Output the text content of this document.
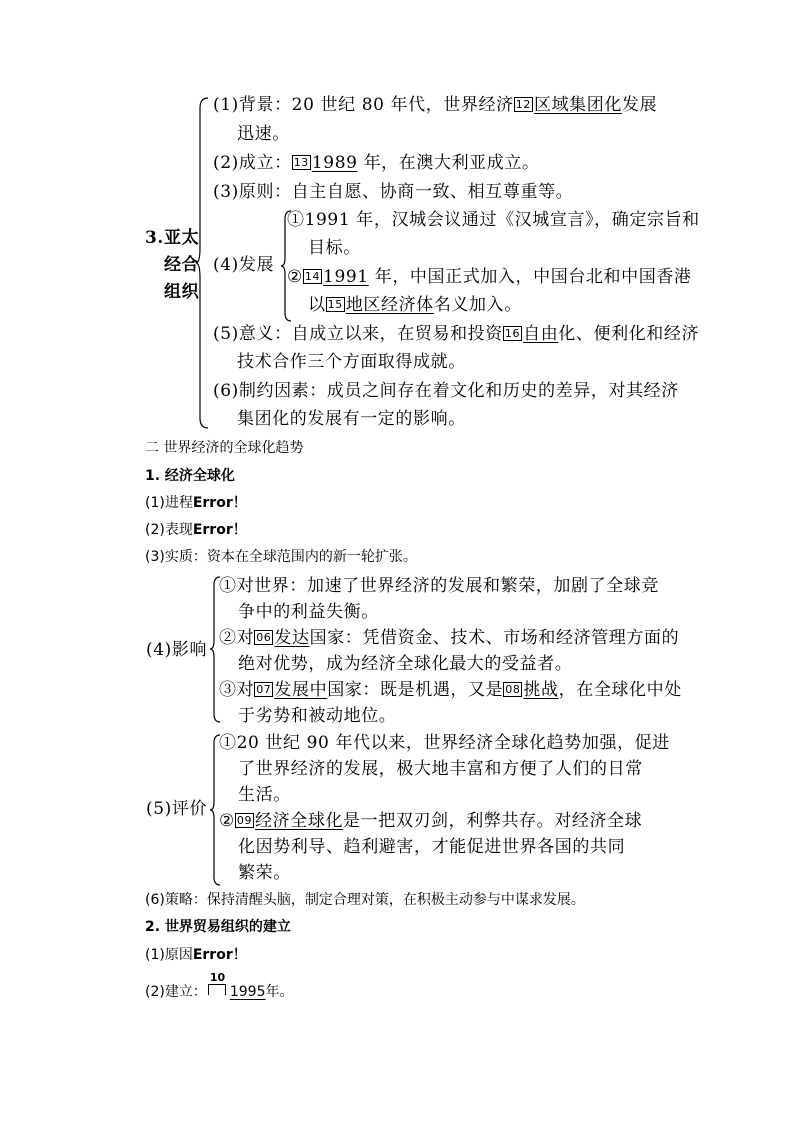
3. 亚太
经合
组织
(1)背景：20 世纪 80 年代，世界经济 12 区域集团化发展
迅速。
(2)成立： 13 1989 年，在澳大利亚成立。
(3)原则：自主自愿、协商一致、相互尊重等。
(4)发展
①1991 年，汉城会议通过《汉城宣言》，确定宗旨和
目标。
② 14 1991 年，中国正式加入，中国台北和中国香港
以 15 地区经济体名义加入。
(5)意义：自成立以来，在贸易和投资 16 自由化、便利化和经济
技术合作三个方面取得成就。
(6)制约因素：成员之间存在着文化和历史的差异，对其经济
集团化的发展有一定的影响。
二 世界经济的全球化趋势
1. 经济全球化
(1)进程Error！
(2)表现Error！
(3)实质：资本在全球范围内的新一轮扩张。
(4)影响
①对世界：加速了世界经济的发展和繁荣，加剧了全球竞
争中的利益失衡。
②对 06 发达国家：凭借资金、技术、市场和经济管理方面的
绝对优势，成为经济全球化最大的受益者。
③对 07 发展中国家：既是机遇，又是 08 挑战，在全球化中处
于劣势和被动地位。
(5)评价
①20 世纪 90 年代以来，世界经济全球化趋势加强，促进
了世界经济的发展，极大地丰富和方便了人们的日常
生活。
② 09 经济全球化是一把双刃剑，利弊共存。对经济全球
化因势利导、趋利避害，才能促进世界各国的共同
繁荣。
(6)策略：保持清醒头脑，制定合理对策，在积极主动参与中谋求发展。
2. 世界贸易组织的建立
(1)原因Error！
(2)建立：
10
1995年。
